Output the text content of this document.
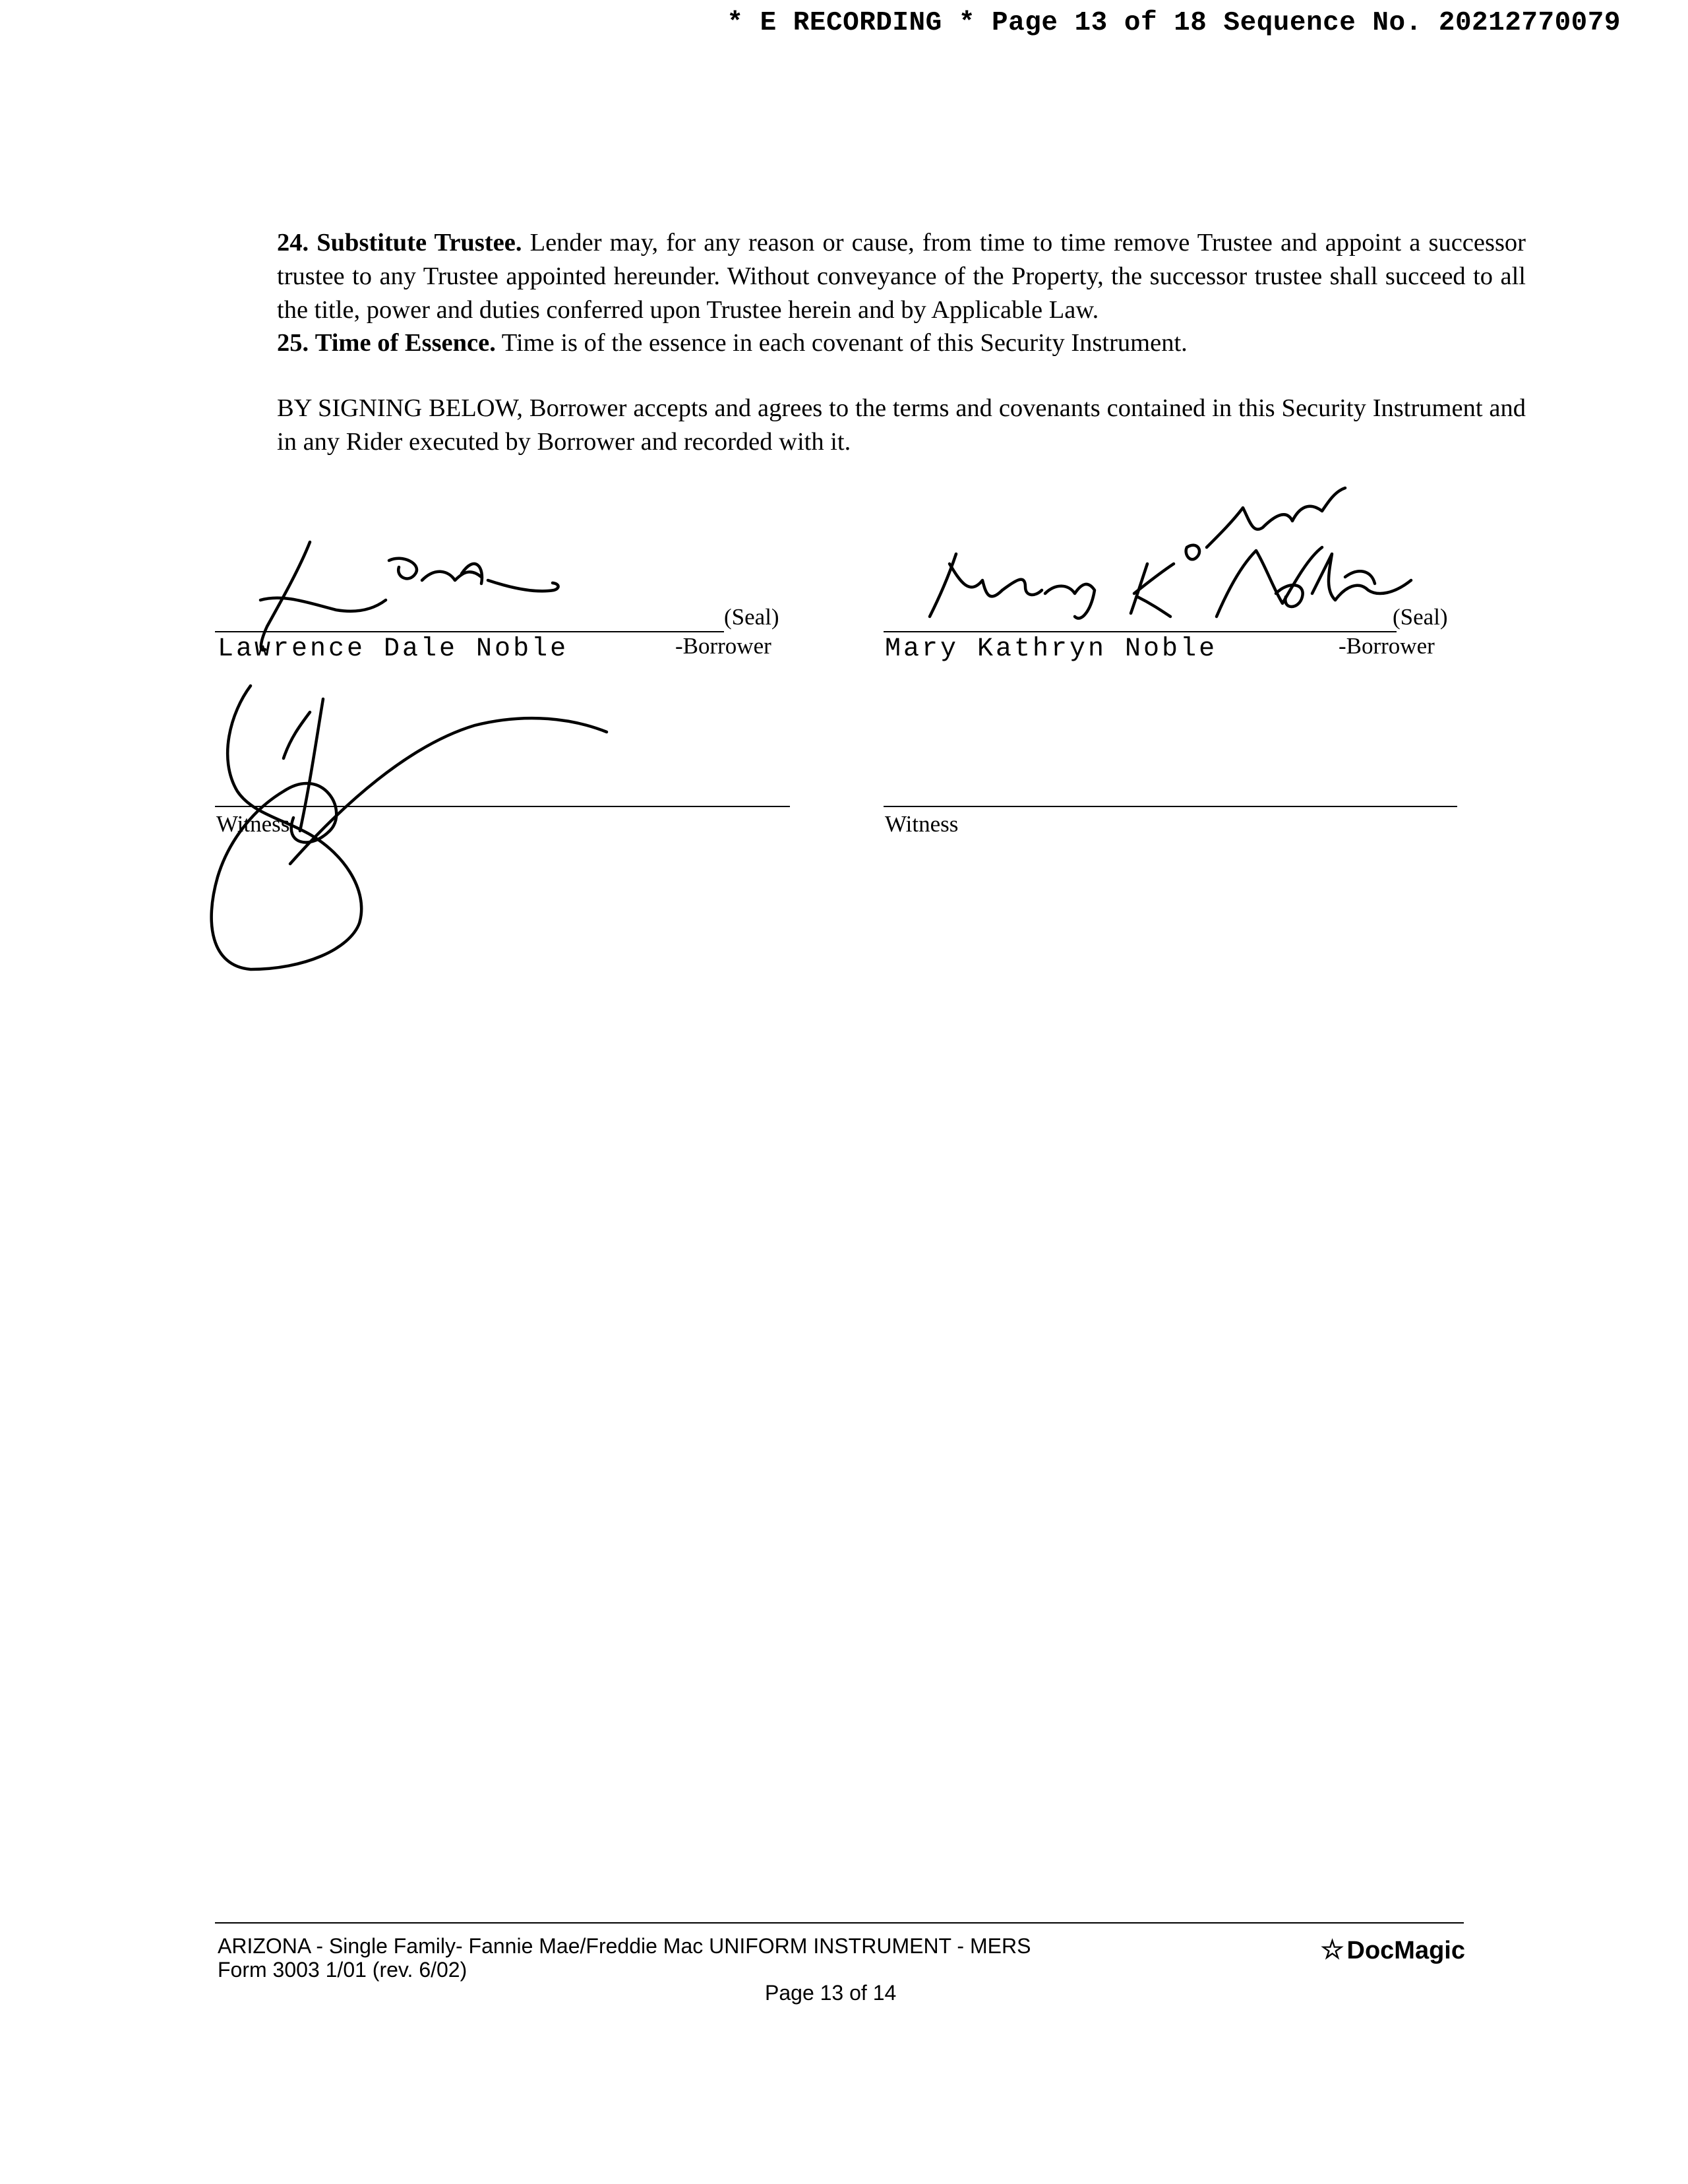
* E RECORDING * Page 13 of 18 Sequence No. 20212770079
24. Substitute Trustee. Lender may, for any reason or cause, from time to time remove Trustee and appoint a successor trustee to any Trustee appointed hereunder. Without conveyance of the Property, the successor trustee shall succeed to all the title, power and duties conferred upon Trustee herein and by Applicable Law.
25. Time of Essence. Time is of the essence in each covenant of this Security Instrument.
BY SIGNING BELOW, Borrower accepts and agrees to the terms and covenants contained in this Security Instrument and in any Rider executed by Borrower and recorded with it.
(Seal)
Lawrence Dale Noble	-Borrower
(Seal)
Mary Kathryn Noble	-Borrower
Witness	Witness
ARIZONA - Single Family- Fannie Mae/Freddie Mac UNIFORM INSTRUMENT - MERS
Form 3003 1/01 (rev. 6/02)
Page 13 of 14
☆ DocMagic
